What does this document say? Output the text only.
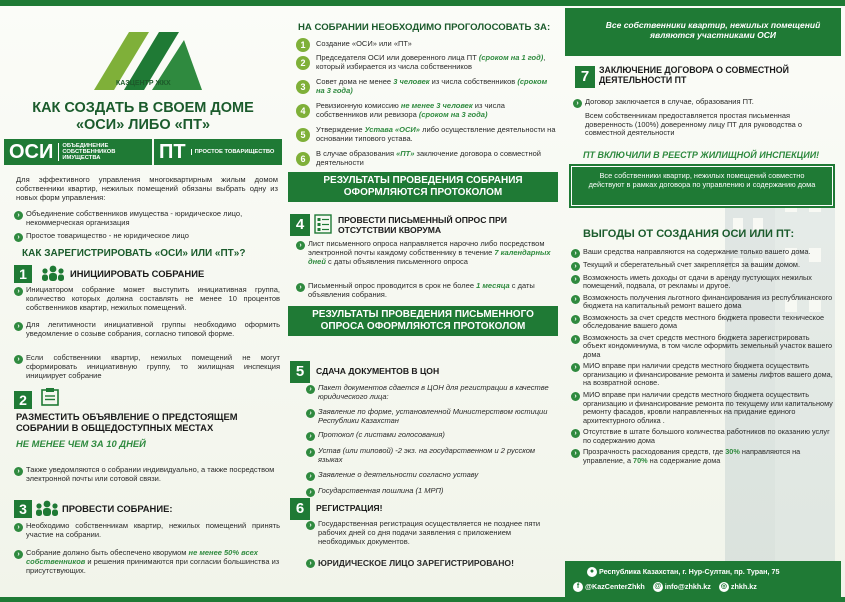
КАЗЦЕНТР ЖКХ
КАК СОЗДАТЬ В СВОЕМ ДОМЕ
«ОСИ» ЛИБО «ПТ»
ОСИ	ОБЪЕДИНЕНИЕ СОБСТВЕННИКОВ ИМУЩЕСТВА	ПТ	ПРОСТОЕ ТОВАРИЩЕСТВО
Для эффективного управления многоквартирным жилым домом собственники квартир, нежилых помещений обязаны выбрать одну из новых форм управления:
› Объединение собственников имущества - юридическое лицо, некоммерческая организация
› Простое товарищество - не юридическое лицо
КАК ЗАРЕГИСТРИРОВАТЬ «ОСИ» ИЛИ «ПТ»?
1	ИНИЦИИРОВАТЬ СОБРАНИЕ
› Инициатором собрание может выступить инициативная группа, количество которых должна составлять не менее 10 процентов собственников квартир, нежилых помещений.
› Для легитимности инициативной группы необходимо оформить уведомление о созыве собрания, согласно типовой форме.
› Если собственники квартир, нежилых помещений не могут сформировать инициативную группу, то жилищная инспекция инициирует собрание
2
РАЗМЕСТИТЬ ОБЪЯВЛЕНИЕ О ПРЕДСТОЯЩЕМ СОБРАНИИ В ОБЩЕДОСТУПНЫХ МЕСТАХ
НЕ МЕНЕЕ ЧЕМ ЗА 10 ДНЕЙ
› Также уведомляются о собрании индивидуально, а также посредством электронной почты или сотовой связи.
3	ПРОВЕСТИ СОБРАНИЕ:
› Необходимо собственникам квартир, нежилых помещений принять участие на собрании.
› Собрание должно быть обеспечено кворумом не менее 50% всех собственников и решения принимаются при согласии большинства из присутствующих.
НА СОБРАНИИ НЕОБХОДИМО ПРОГОЛОСОВАТЬ ЗА:
1	Создание «ОСИ» или «ПТ»
2
Председателя ОСИ или доверенного лица ПТ (сроком на 1 год), который избирается из числа собственников
3
Совет дома не менее 3 человек из числа собственников (сроком на 3 года)
4
Ревизионную комиссию не менее 3 человек из числа собственников или ревизора (сроком на 3 года)
5
Утверждение Устава «ОСИ» либо осуществление деятельности на основании типового устава.
6
В случае образования «ПТ» заключение договора о совместной деятельности
РЕЗУЛЬТАТЫ ПРОВЕДЕНИЯ СОБРАНИЯ ОФОРМЛЯЮТСЯ ПРОТОКОЛОМ
4	ПРОВЕСТИ ПИСЬМЕННЫЙ ОПРОС ПРИ ОТСУТСТВИИ КВОРУМА
› Лист письменного опроса направляется нарочно либо посредством электронной почты каждому собственнику в течение 7 календарных дней с даты объявления письменного опроса
› Письменный опрос проводится в срок не более 1 месяца с даты объявления собрания.
РЕЗУЛЬТАТЫ ПРОВЕДЕНИЯ ПИСЬМЕННОГО ОПРОСА ОФОРМЛЯЮТСЯ ПРОТОКОЛОМ
5	СДАЧА ДОКУМЕНТОВ В ЦОН
› Пакет документов сдается в ЦОН для регистрации в качестве юридического лица:
› Заявление по форме, установленной Министерством юстиции Республики Казахстан
› Протокол (с листами голосования)
› Устав (или типовой) -2 экз. на государственном и 2 русском языках
› Заявление о деятельности согласно уставу
› Государственная пошлина (1 МРП)
6	РЕГИСТРАЦИЯ!
› Государственная регистрация осуществляется не позднее пяти рабочих дней со дня подачи заявления с приложением необходимых документов.
› ЮРИДИЧЕСКОЕ ЛИЦО ЗАРЕГИСТРИРОВАНО!
Все собственники квартир, нежилых помещений являются участниками ОСИ
7	ЗАКЛЮЧЕНИЕ ДОГОВОРА О СОВМЕСТНОЙ ДЕЯТЕЛЬНОСТИ ПТ
› Договор заключается в случае, образования ПТ.
Всем собственникам предоставляется простая письменная доверенность (100%) доверенному лицу ПТ для руководства о совместной деятельности
ПТ ВКЛЮЧИЛИ В РЕЕСТР ЖИЛИЩНОЙ ИНСПЕКЦИИ!
Все собственники квартир, нежилых помещений совместно действуют в рамках договора по управлению и содержанию дома
ВЫГОДЫ ОТ СОЗДАНИЯ ОСИ ИЛИ ПТ:
› Ваши средства направляются на содержание только вашего дома.
› Текущий и сберегательный счет закрепляется за вашим домом.
› Возможность иметь доходы от сдачи в аренду пустующих нежилых помещений, подвала, от рекламы и другое.
› Возможность получения льготного финансирования из республиканского бюджета на капитальный ремонт вашего дома
› Возможность за счет средств местного бюджета провести техническое обследование вашего дома
› Возможность за счет средств местного бюджета зарегистрировать объект кондоминиума, в том числе оформить земельный участок вашего дома
› МИО вправе при наличии средств местного бюджета осуществить организацию и финансирование ремонта и замены лифтов вашего дома, на возвратной основе.
› МИО вправе при наличии средств местного бюджета осуществить организацию и финансирование ремонта по текущему или капитальному ремонту фасадов, кровли направленных на придание единого архитектурного облика .
› Отсутствие в штате большого количества работников по оказанию услуг по содержанию дома
› Прозрачность расходования средств, где 30% направляются на управление, а 70% на содержание дома
● Республика Казахстан, г. Нур-Султан, пр. Туран, 75
f @KazCenterZhkh @ info@zhkh.kz ◎ zhkh.kz
